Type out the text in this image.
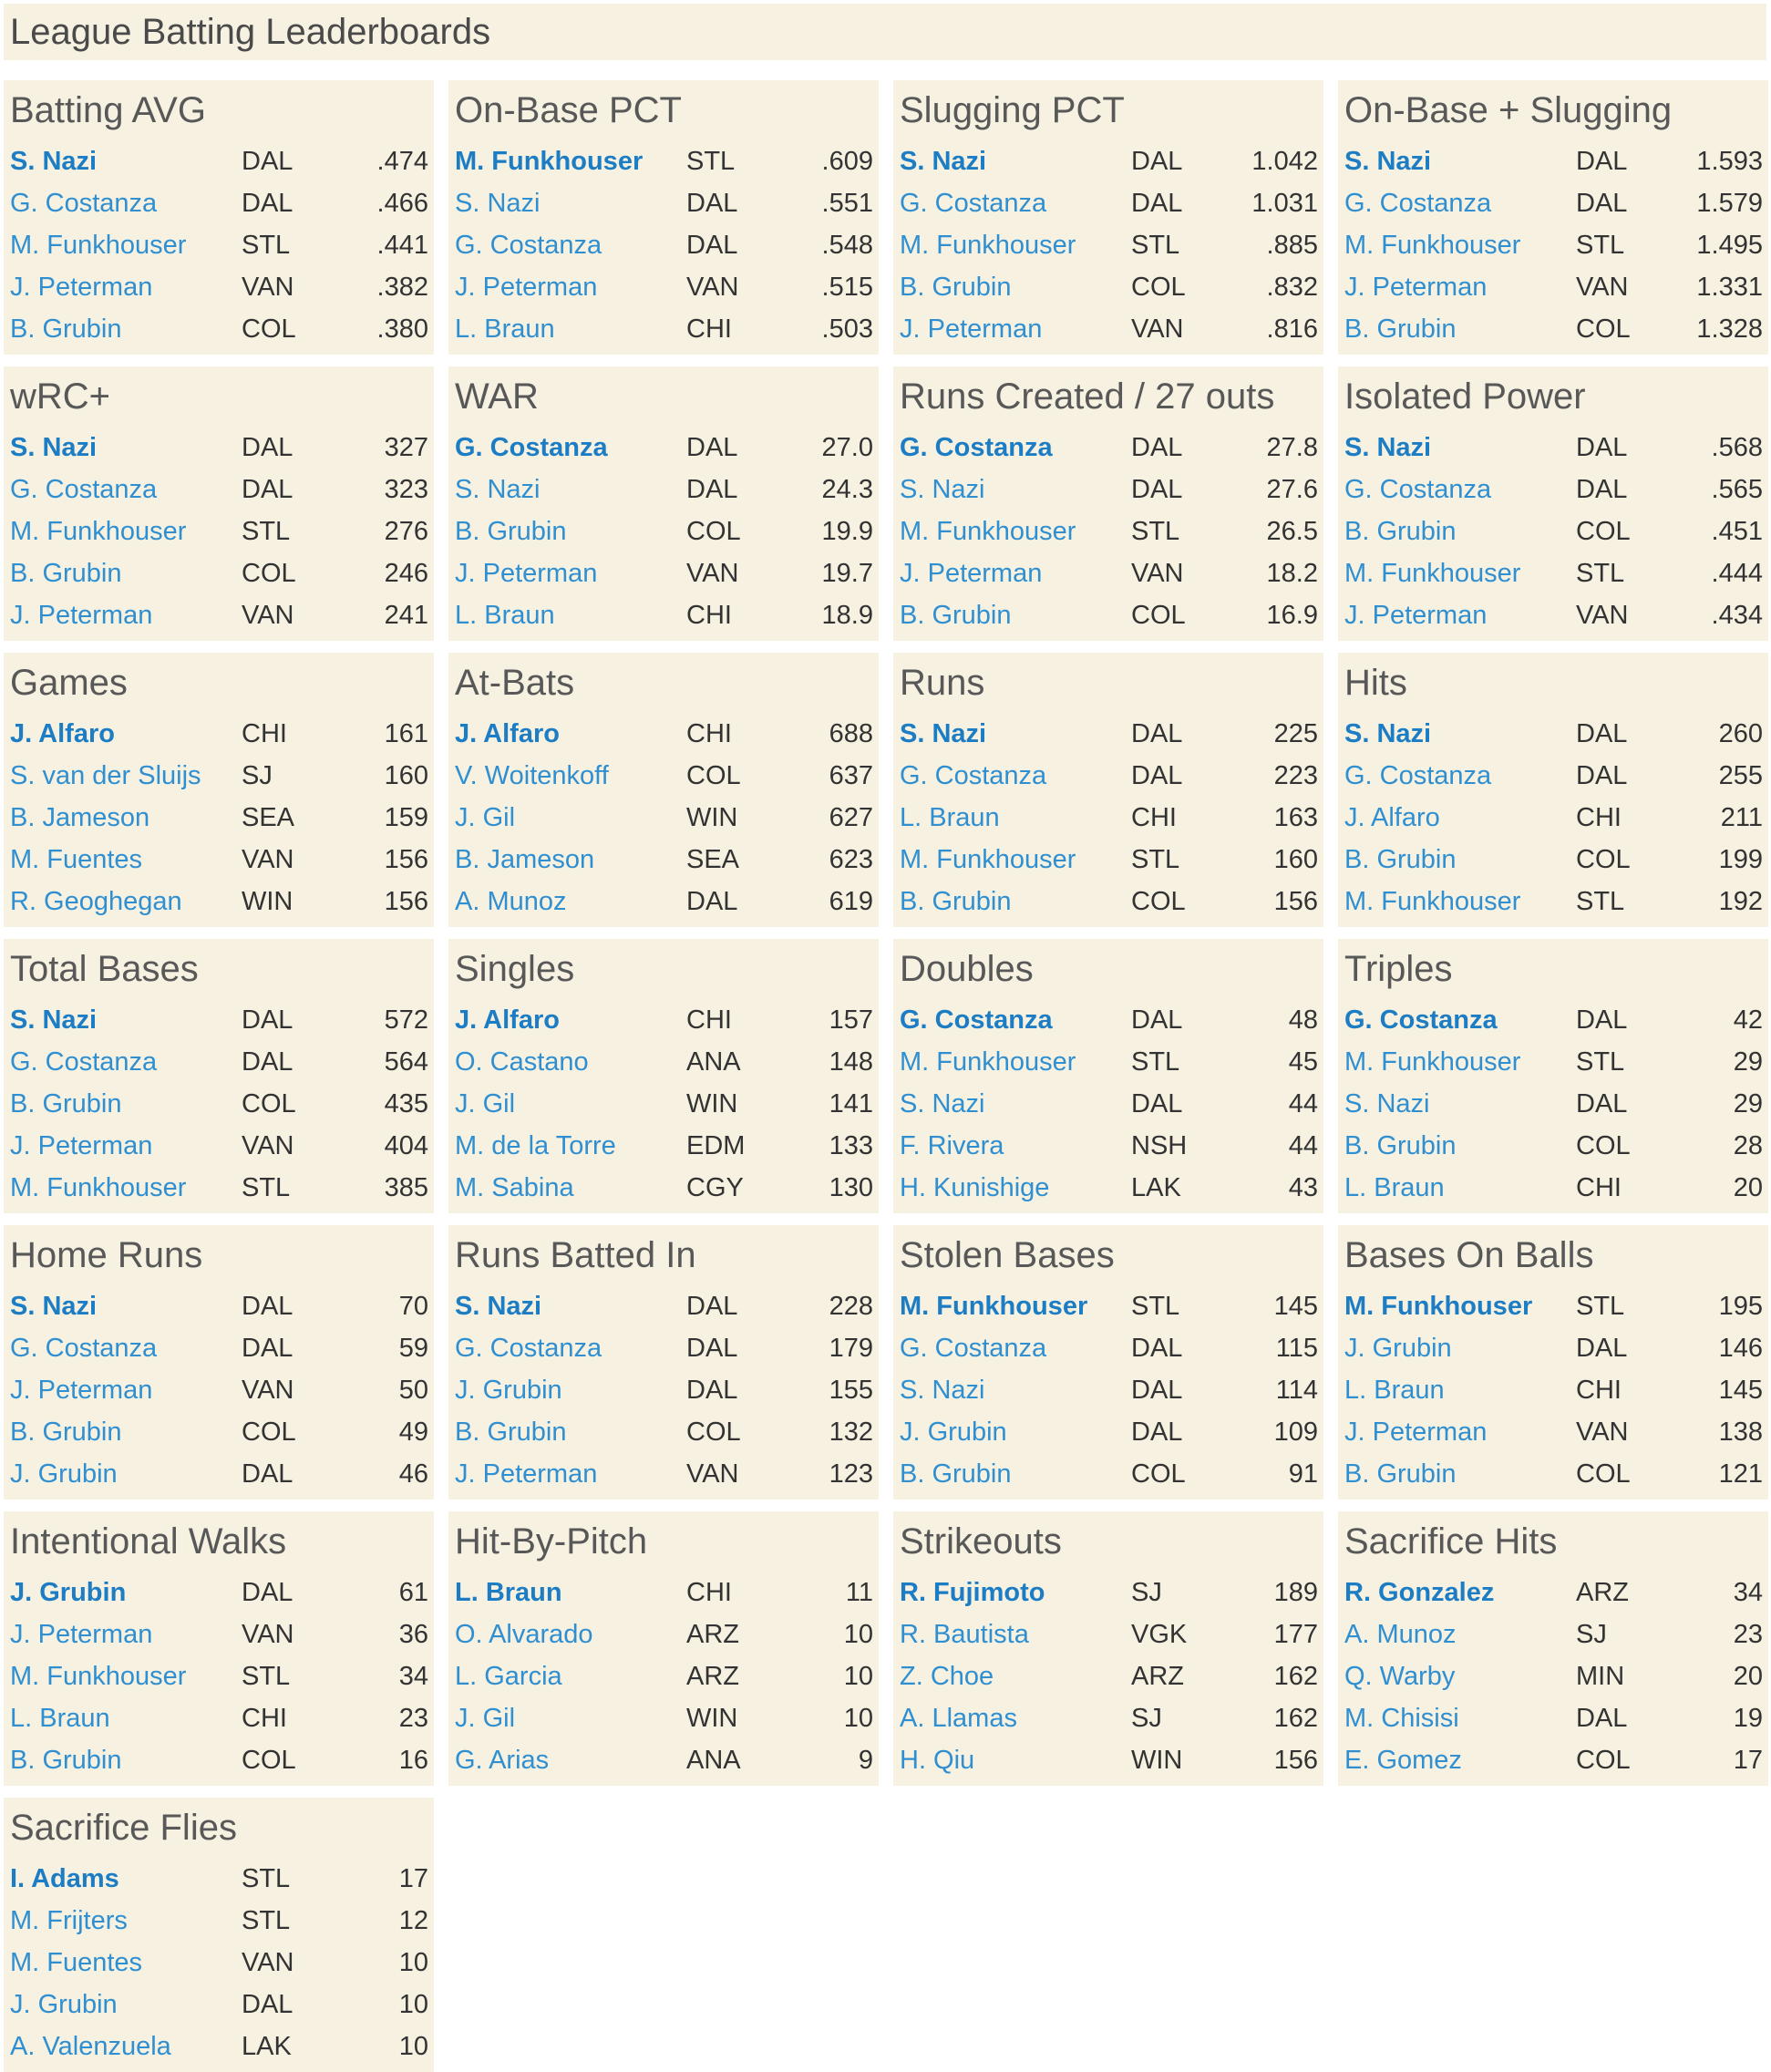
League Batting Leaderboards
Batting AVG
S. Nazi	DAL	.474
G. Costanza	DAL	.466
M. Funkhouser	STL	.441
J. Peterman	VAN	.382
B. Grubin	COL	.380
On-Base PCT
M. Funkhouser	STL	.609
S. Nazi	DAL	.551
G. Costanza	DAL	.548
J. Peterman	VAN	.515
L. Braun	CHI	.503
Slugging PCT
S. Nazi	DAL	1.042
G. Costanza	DAL	1.031
M. Funkhouser	STL	.885
B. Grubin	COL	.832
J. Peterman	VAN	.816
On-Base + Slugging
S. Nazi	DAL	1.593
G. Costanza	DAL	1.579
M. Funkhouser	STL	1.495
J. Peterman	VAN	1.331
B. Grubin	COL	1.328
wRC+
S. Nazi	DAL	327
G. Costanza	DAL	323
M. Funkhouser	STL	276
B. Grubin	COL	246
J. Peterman	VAN	241
WAR
G. Costanza	DAL	27.0
S. Nazi	DAL	24.3
B. Grubin	COL	19.9
J. Peterman	VAN	19.7
L. Braun	CHI	18.9
Runs Created / 27 outs
G. Costanza	DAL	27.8
S. Nazi	DAL	27.6
M. Funkhouser	STL	26.5
J. Peterman	VAN	18.2
B. Grubin	COL	16.9
Isolated Power
S. Nazi	DAL	.568
G. Costanza	DAL	.565
B. Grubin	COL	.451
M. Funkhouser	STL	.444
J. Peterman	VAN	.434
Games
J. Alfaro	CHI	161
S. van der Sluijs	SJ	160
B. Jameson	SEA	159
M. Fuentes	VAN	156
R. Geoghegan	WIN	156
At-Bats
J. Alfaro	CHI	688
V. Woitenkoff	COL	637
J. Gil	WIN	627
B. Jameson	SEA	623
A. Munoz	DAL	619
Runs
S. Nazi	DAL	225
G. Costanza	DAL	223
L. Braun	CHI	163
M. Funkhouser	STL	160
B. Grubin	COL	156
Hits
S. Nazi	DAL	260
G. Costanza	DAL	255
J. Alfaro	CHI	211
B. Grubin	COL	199
M. Funkhouser	STL	192
Total Bases
S. Nazi	DAL	572
G. Costanza	DAL	564
B. Grubin	COL	435
J. Peterman	VAN	404
M. Funkhouser	STL	385
Singles
J. Alfaro	CHI	157
O. Castano	ANA	148
J. Gil	WIN	141
M. de la Torre	EDM	133
M. Sabina	CGY	130
Doubles
G. Costanza	DAL	48
M. Funkhouser	STL	45
S. Nazi	DAL	44
F. Rivera	NSH	44
H. Kunishige	LAK	43
Triples
G. Costanza	DAL	42
M. Funkhouser	STL	29
S. Nazi	DAL	29
B. Grubin	COL	28
L. Braun	CHI	20
Home Runs
S. Nazi	DAL	70
G. Costanza	DAL	59
J. Peterman	VAN	50
B. Grubin	COL	49
J. Grubin	DAL	46
Runs Batted In
S. Nazi	DAL	228
G. Costanza	DAL	179
J. Grubin	DAL	155
B. Grubin	COL	132
J. Peterman	VAN	123
Stolen Bases
M. Funkhouser	STL	145
G. Costanza	DAL	115
S. Nazi	DAL	114
J. Grubin	DAL	109
B. Grubin	COL	91
Bases On Balls
M. Funkhouser	STL	195
J. Grubin	DAL	146
L. Braun	CHI	145
J. Peterman	VAN	138
B. Grubin	COL	121
Intentional Walks
J. Grubin	DAL	61
J. Peterman	VAN	36
M. Funkhouser	STL	34
L. Braun	CHI	23
B. Grubin	COL	16
Hit-By-Pitch
L. Braun	CHI	11
O. Alvarado	ARZ	10
L. Garcia	ARZ	10
J. Gil	WIN	10
G. Arias	ANA	9
Strikeouts
R. Fujimoto	SJ	189
R. Bautista	VGK	177
Z. Choe	ARZ	162
A. Llamas	SJ	162
H. Qiu	WIN	156
Sacrifice Hits
R. Gonzalez	ARZ	34
A. Munoz	SJ	23
Q. Warby	MIN	20
M. Chisisi	DAL	19
E. Gomez	COL	17
Sacrifice Flies
I. Adams	STL	17
M. Frijters	STL	12
M. Fuentes	VAN	10
J. Grubin	DAL	10
A. Valenzuela	LAK	10
